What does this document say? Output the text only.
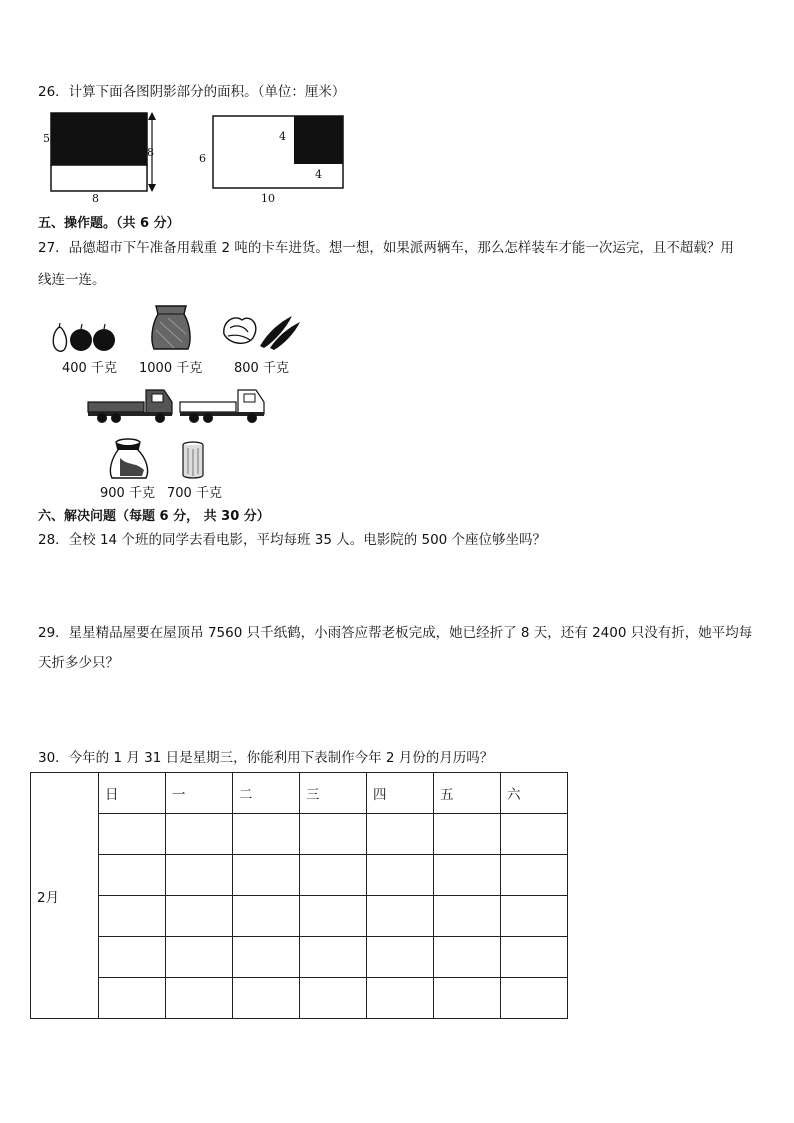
26．计算下面各图阴影部分的面积。（单位：厘米）
5
8
8
6
4
4
10
五、操作题。（共 6 分）
27．品德超市下午准备用载重 2 吨的卡车进货。想一想，如果派两辆车，那么怎样装车才能一次运完，且不超载？用
线连一连。
400 千克 1000 千克 800 千克
900 千克 700 千克
六、解决问题（每题 6 分， 共 30 分）
28．全校 14 个班的同学去看电影，平均每班 35 人。电影院的 500 个座位够坐吗？
29．星星精品屋要在屋顶吊 7560 只千纸鹤，小雨答应帮老板完成，她已经折了 8 天，还有 2400 只没有折，她平均每
天折多少只？
30．今年的 1 月 31 日是星期三，你能利用下表制作今年 2 月份的月历吗？
2月	日	一	二	三	四	五	六
